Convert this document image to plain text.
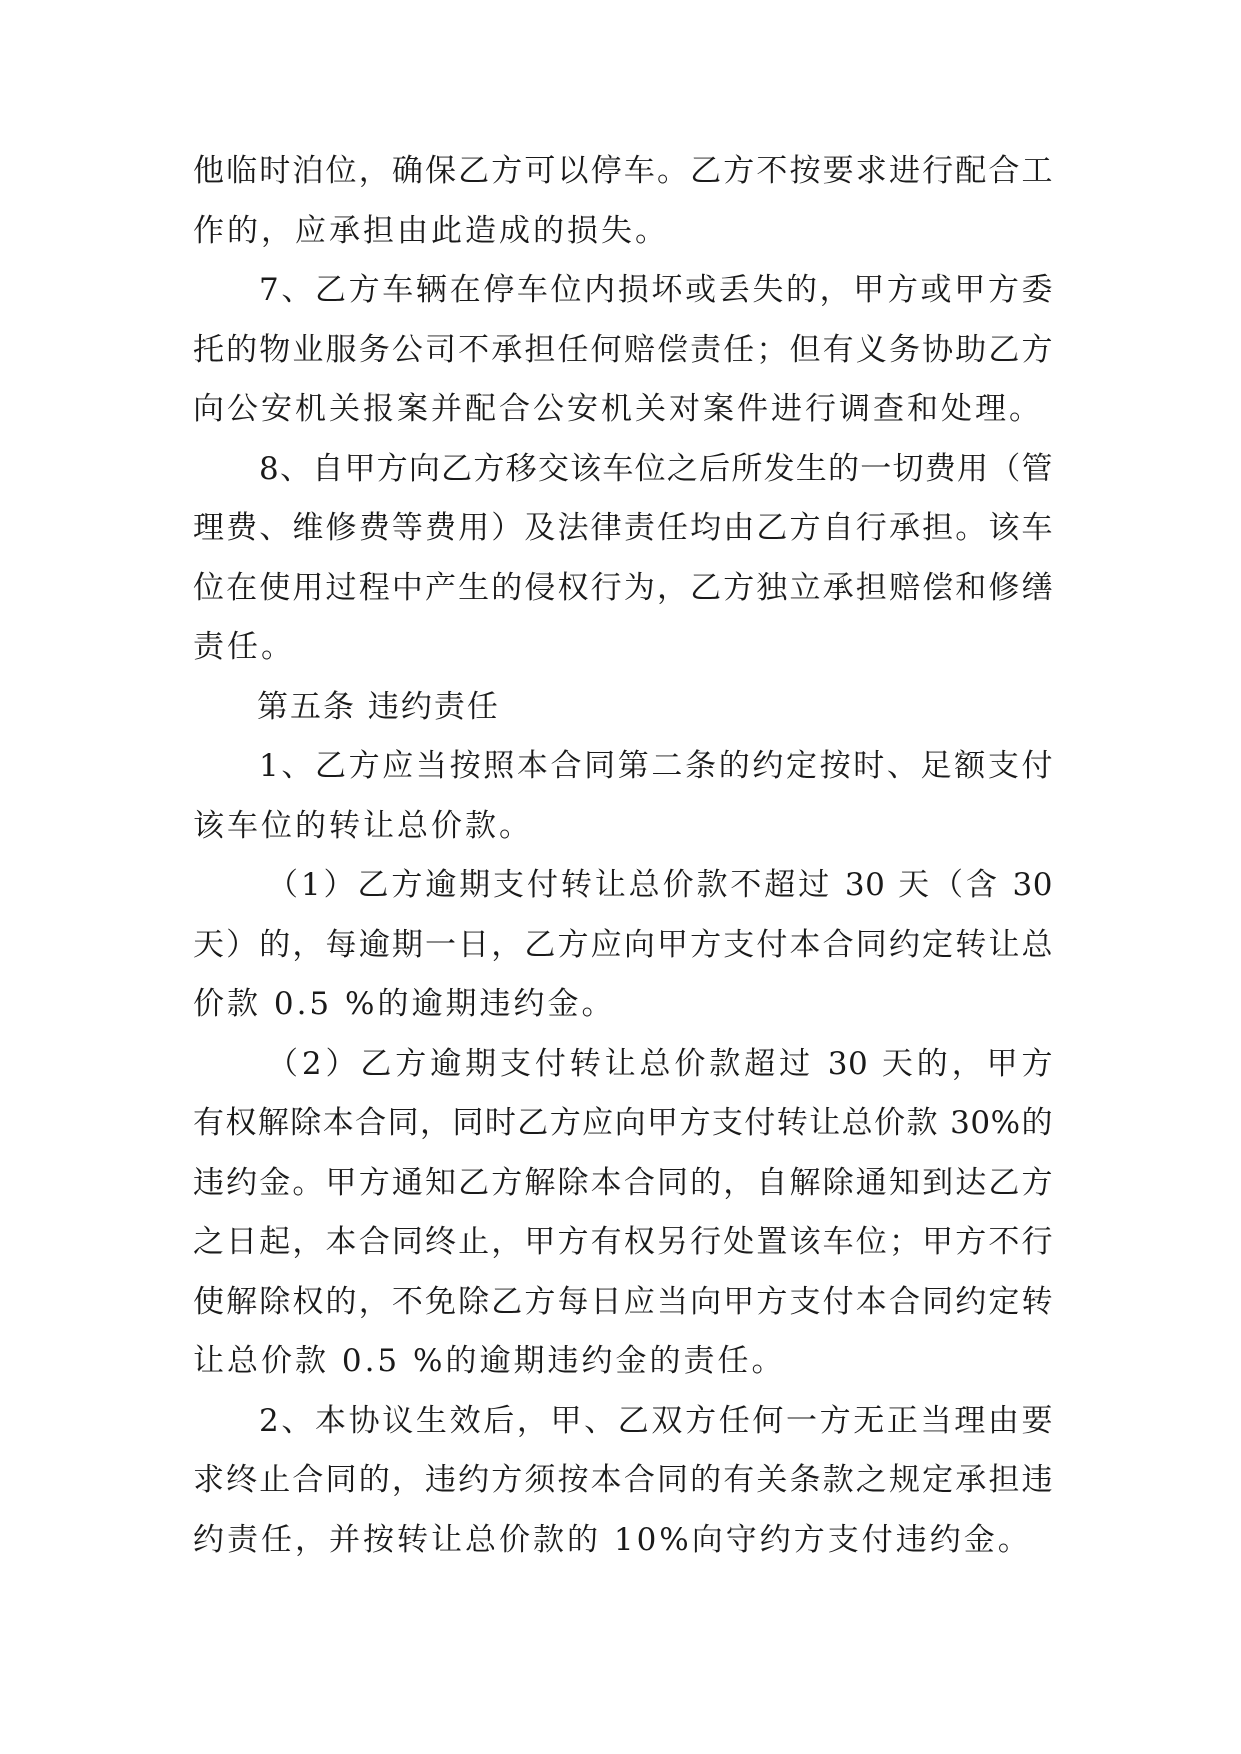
他临时泊位，确保乙方可以停车。乙方不按要求进行配合工
作的，应承担由此造成的损失。
7、乙方车辆在停车位内损坏或丢失的，甲方或甲方委
托的物业服务公司不承担任何赔偿责任；但有义务协助乙方
向公安机关报案并配合公安机关对案件进行调查和处理。
8、自甲方向乙方移交该车位之后所发生的一切费用（管
理费、维修费等费用）及法律责任均由乙方自行承担。该车
位在使用过程中产生的侵权行为，乙方独立承担赔偿和修缮
责任。
第五条 违约责任
1、乙方应当按照本合同第二条的约定按时、足额支付
该车位的转让总价款。
（1）乙方逾期支付转让总价款不超过 30 天（含 30
天）的，每逾期一日，乙方应向甲方支付本合同约定转让总
价款 0.5 %的逾期违约金。
（2）乙方逾期支付转让总价款超过 30 天的，甲方
有权解除本合同，同时乙方应向甲方支付转让总价款 30%的
违约金。甲方通知乙方解除本合同的，自解除通知到达乙方
之日起，本合同终止，甲方有权另行处置该车位；甲方不行
使解除权的，不免除乙方每日应当向甲方支付本合同约定转
让总价款 0.5 %的逾期违约金的责任。
2、本协议生效后，甲、乙双方任何一方无正当理由要
求终止合同的，违约方须按本合同的有关条款之规定承担违
约责任，并按转让总价款的 10%向守约方支付违约金。
